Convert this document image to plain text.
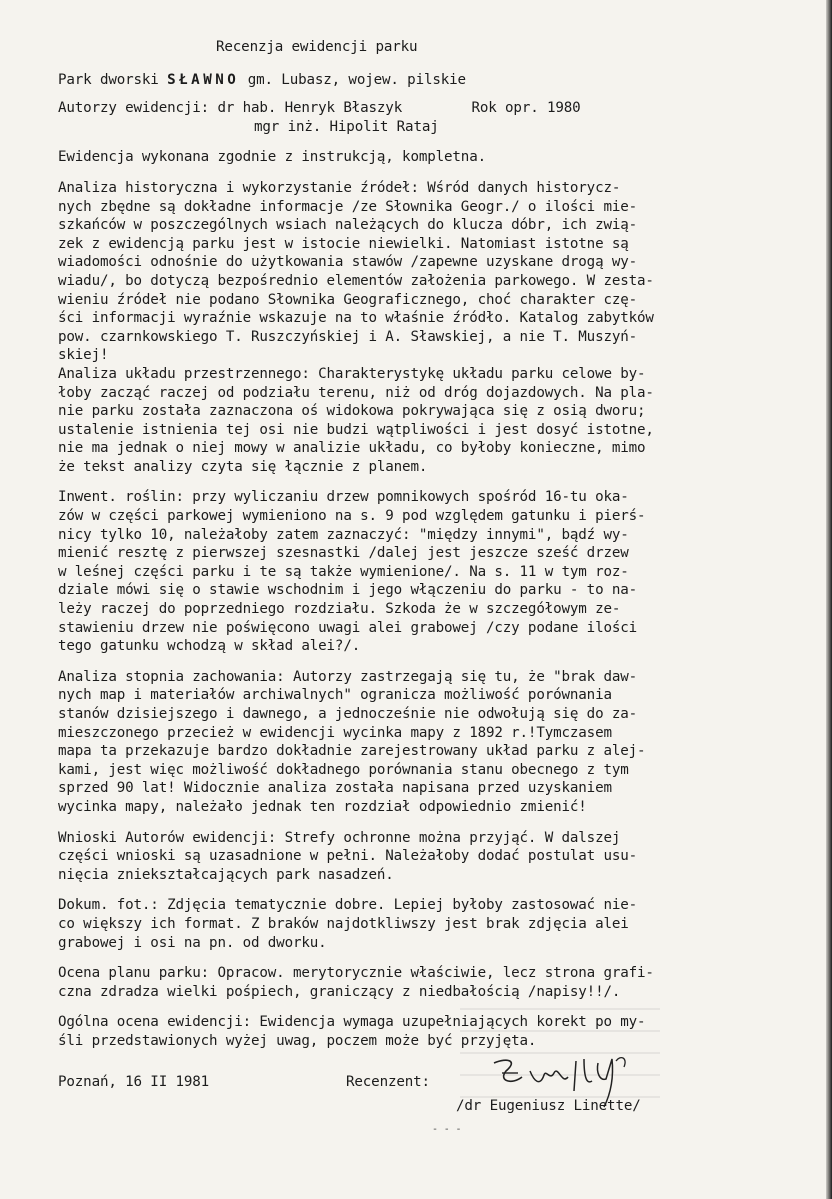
Recenzja ewidencji parku
Park dworski SŁAWNO gm. Lubasz, wojew. pilskie
Autorzy ewidencji:
dr hab. Henryk Błaszyk	Rok opr. 1980
mgr inż. Hipolit Rataj
Ewidencja wykonana zgodnie z instrukcją, kompletna.
Analiza historyczna i wykorzystanie źródeł: Wśród danych historycz-
nych zbędne są dokładne informacje /ze Słownika Geogr./ o ilości mie-
szkańców w poszczególnych wsiach należących do klucza dóbr, ich zwią-
zek z ewidencją parku jest w istocie niewielki. Natomiast istotne są
wiadomości odnośnie do użytkowania stawów /zapewne uzyskane drogą wy-
wiadu/, bo dotyczą bezpośrednio elementów założenia parkowego. W zesta-
wieniu źródeł nie podano Słownika Geograficznego, choć charakter czę-
ści informacji wyraźnie wskazuje na to właśnie źródło. Katalog zabytków
pow. czarnkowskiego T. Ruszczyńskiej i A. Sławskiej, a nie T. Muszyń-
skiej!
Analiza układu przestrzennego: Charakterystykę układu parku celowe by-
łoby zacząć raczej od podziału terenu, niż od dróg dojazdowych. Na pla-
nie parku została zaznaczona oś widokowa pokrywająca się z osią dworu;
ustalenie istnienia tej osi nie budzi wątpliwości i jest dosyć istotne,
nie ma jednak o niej mowy w analizie układu, co byłoby konieczne, mimo
że tekst analizy czyta się łącznie z planem.
Inwent. roślin: przy wyliczaniu drzew pomnikowych spośród 16-tu oka-
zów w części parkowej wymieniono na s. 9 pod względem gatunku i pierś-
nicy tylko 10, należałoby zatem zaznaczyć: "między innymi", bądź wy-
mienić resztę z pierwszej szesnastki /dalej jest jeszcze sześć drzew
w leśnej części parku i te są także wymienione/. Na s. 11 w tym roz-
dziale mówi się o stawie wschodnim i jego włączeniu do parku - to na-
leży raczej do poprzedniego rozdziału. Szkoda że w szczegółowym ze-
stawieniu drzew nie poświęcono uwagi alei grabowej /czy podane ilości
tego gatunku wchodzą w skład alei?/.
Analiza stopnia zachowania: Autorzy zastrzegają się tu, że "brak daw-
nych map i materiałów archiwalnych" ogranicza możliwość porównania
stanów dzisiejszego i dawnego, a jednocześnie nie odwołują się do za-
mieszczonego przecież w ewidencji wycinka mapy z 1892 r.!Tymczasem
mapa ta przekazuje bardzo dokładnie zarejestrowany układ parku z alej-
kami, jest więc możliwość dokładnego porównania stanu obecnego z tym
sprzed 90 lat! Widocznie analiza została napisana przed uzyskaniem
wycinka mapy, należało jednak ten rozdział odpowiednio zmienić!
Wnioski Autorów ewidencji: Strefy ochronne można przyjąć. W dalszej
części wnioski są uzasadnione w pełni. Należałoby dodać postulat usu-
nięcia zniekształcających park nasadzeń.
Dokum. fot.: Zdjęcia tematycznie dobre. Lepiej byłoby zastosować nie-
co większy ich format. Z braków najdotkliwszy jest brak zdjęcia alei
grabowej i osi na pn. od dworku.
Ocena planu parku: Opracow. merytorycznie właściwie, lecz strona grafi-
czna zdradza wielki pośpiech, graniczący z niedbałością /napisy!!/.
Ogólna ocena ewidencji: Ewidencja wymaga uzupełniających korekt po my-
śli przedstawionych wyżej uwag, poczem może być przyjęta.
Poznań, 16 II 1981	Recenzent:
/dr Eugeniusz Linette/
- - -
